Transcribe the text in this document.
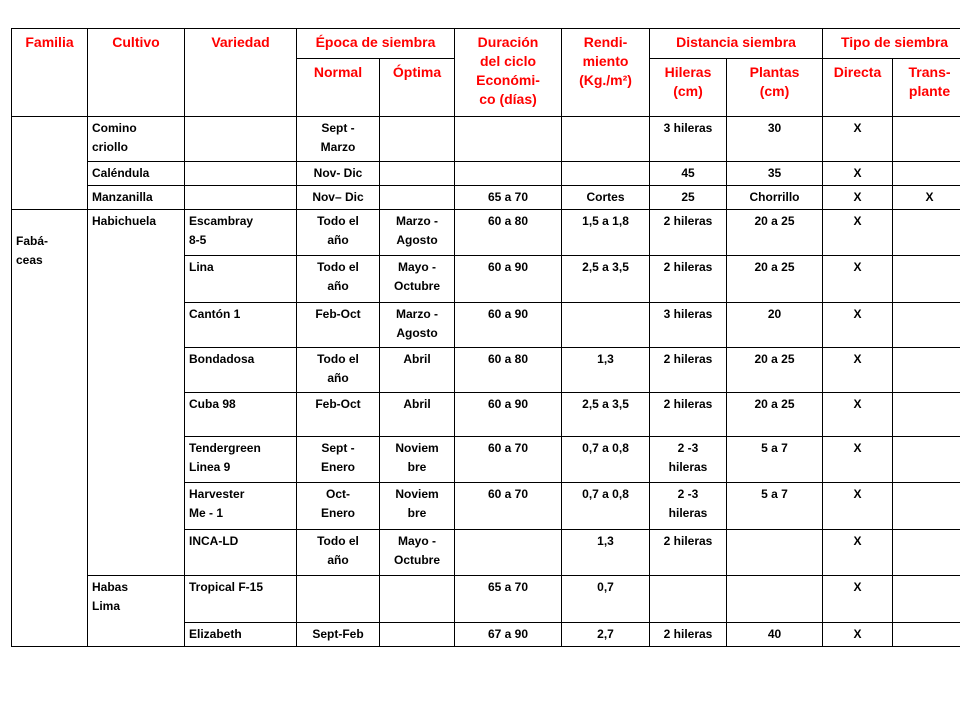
Familia	Cultivo	Variedad	Época de siembra		Duración
del ciclo
Económi-
co (días)	Rendi-
miento
(Kg./m²)	Distancia siembra		Tipo de siembra	
			Normal	Óptima			Hileras
(cm)	Plantas
(cm)	Directa	Trans-
plante
	Comino
criollo		Sept -
Marzo				3 hileras	30	X	
	Caléndula		Nov- Dic				45	35	X	
	Manzanilla		Nov– Dic		65 a 70	Cortes	25	Chorrillo	X	X
Fabá-
ceas	Habichuela	Escambray
8-5	Todo el
año	Marzo -
Agosto	60 a 80	1,5 a 1,8	2 hileras	20 a 25	X	
		Lina	Todo el
año	Mayo -
Octubre	60 a 90	2,5 a 3,5	2 hileras	20 a 25	X	
		Cantón 1	Feb-Oct	Marzo -
Agosto	60 a 90		3 hileras	20	X	
		Bondadosa	Todo el
año	Abril	60 a 80	1,3	2 hileras	20 a 25	X	
		Cuba 98	Feb-Oct	Abril	60 a 90	2,5 a 3,5	2 hileras	20 a 25	X	
		Tendergreen
Linea 9	Sept -
Enero	Noviem
bre	60 a 70	0,7 a 0,8	2 -3
hileras	5 a 7	X	
		Harvester
Me - 1	Oct-
Enero	Noviem
bre	60 a 70	0,7 a 0,8	2 -3
hileras	5 a 7	X	
		INCA-LD	Todo el
año	Mayo -
Octubre		1,3	2 hileras		X	
	Habas
Lima	Tropical F-15			65 a 70	0,7			X	
		Elizabeth	Sept-Feb		67 a 90	2,7	2 hileras	40	X	
